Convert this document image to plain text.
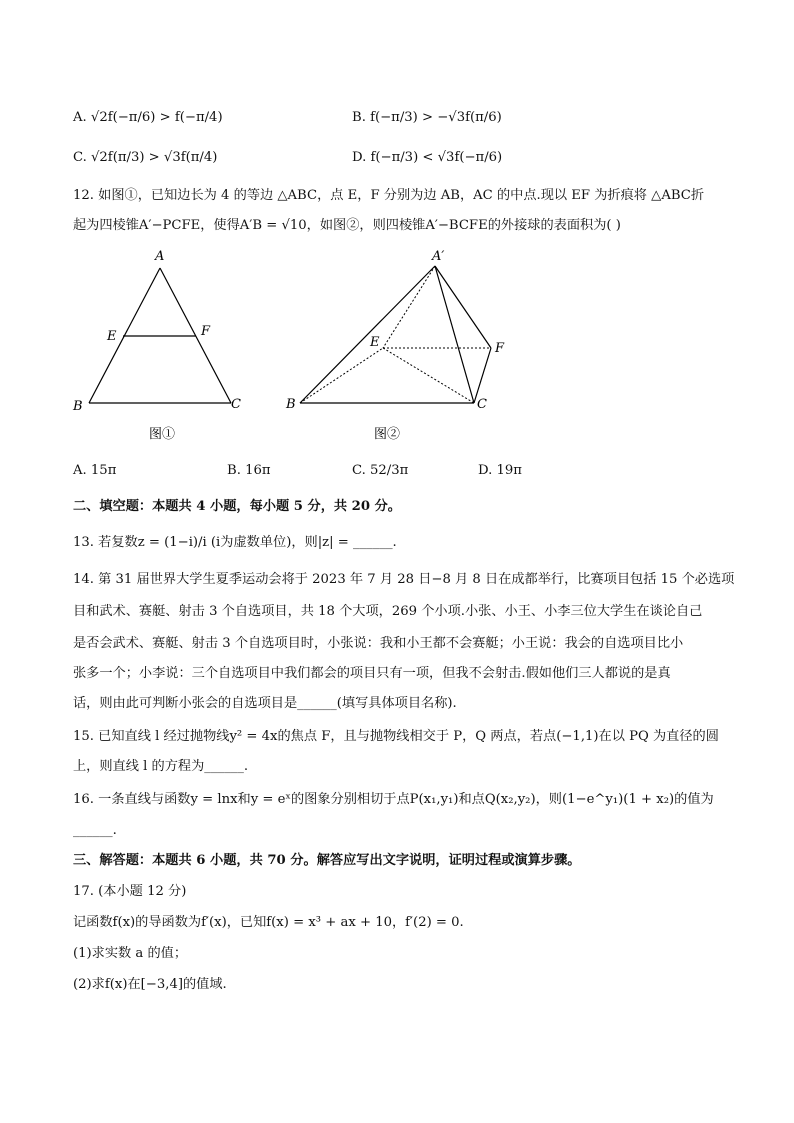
A. √2f(−π/6) > f(−π/4)	B. f(−π/3) > −√3f(π/6)
C. √2f(π/3) > √3f(π/4)	D. f(−π/3) < √3f(−π/6)
12. 如图①，已知边长为 4 的等边 △ABC，点 E，F 分别为边 AB，AC 的中点.现以 EF 为折痕将 △ABC折
起为四棱锥A′−PCFE，使得A′B = √10，如图②，则四棱锥A′−BCFE的外接球的表面积为( )
A
E	F
B	C
图①
A′
E	F
B	C
图②
A. 15π	B. 16π	C. 52/3π	D. 19π
二、填空题：本题共 4 小题，每小题 5 分，共 20 分。
13. 若复数z = (1−i)/i (i为虚数单位)，则|z| = ______.
14. 第 31 届世界大学生夏季运动会将于 2023 年 7 月 28 日−8 月 8 日在成都举行，比赛项目包括 15 个必选项
目和武术、赛艇、射击 3 个自选项目，共 18 个大项，269 个小项.小张、小王、小李三位大学生在谈论自己
是否会武术、赛艇、射击 3 个自选项目时，小张说：我和小王都不会赛艇；小王说：我会的自选项目比小
张多一个；小李说：三个自选项目中我们都会的项目只有一项，但我不会射击.假如他们三人都说的是真
话，则由此可判断小张会的自选项目是______(填写具体项目名称).
15. 已知直线 l 经过抛物线y² = 4x的焦点 F，且与抛物线相交于 P，Q 两点，若点(−1,1)在以 PQ 为直径的圆
上，则直线 l 的方程为______.
16. 一条直线与函数y = lnx和y = eˣ的图象分别相切于点P(x₁,y₁)和点Q(x₂,y₂)，则(1−e^y₁)(1 + x₂)的值为
______.
三、解答题：本题共 6 小题，共 70 分。解答应写出文字说明，证明过程或演算步骤。
17. (本小题 12 分)
记函数f(x)的导函数为f′(x)，已知f(x) = x³ + ax + 10，f′(2) = 0.
(1)求实数 a 的值；
(2)求f(x)在[−3,4]的值域.
